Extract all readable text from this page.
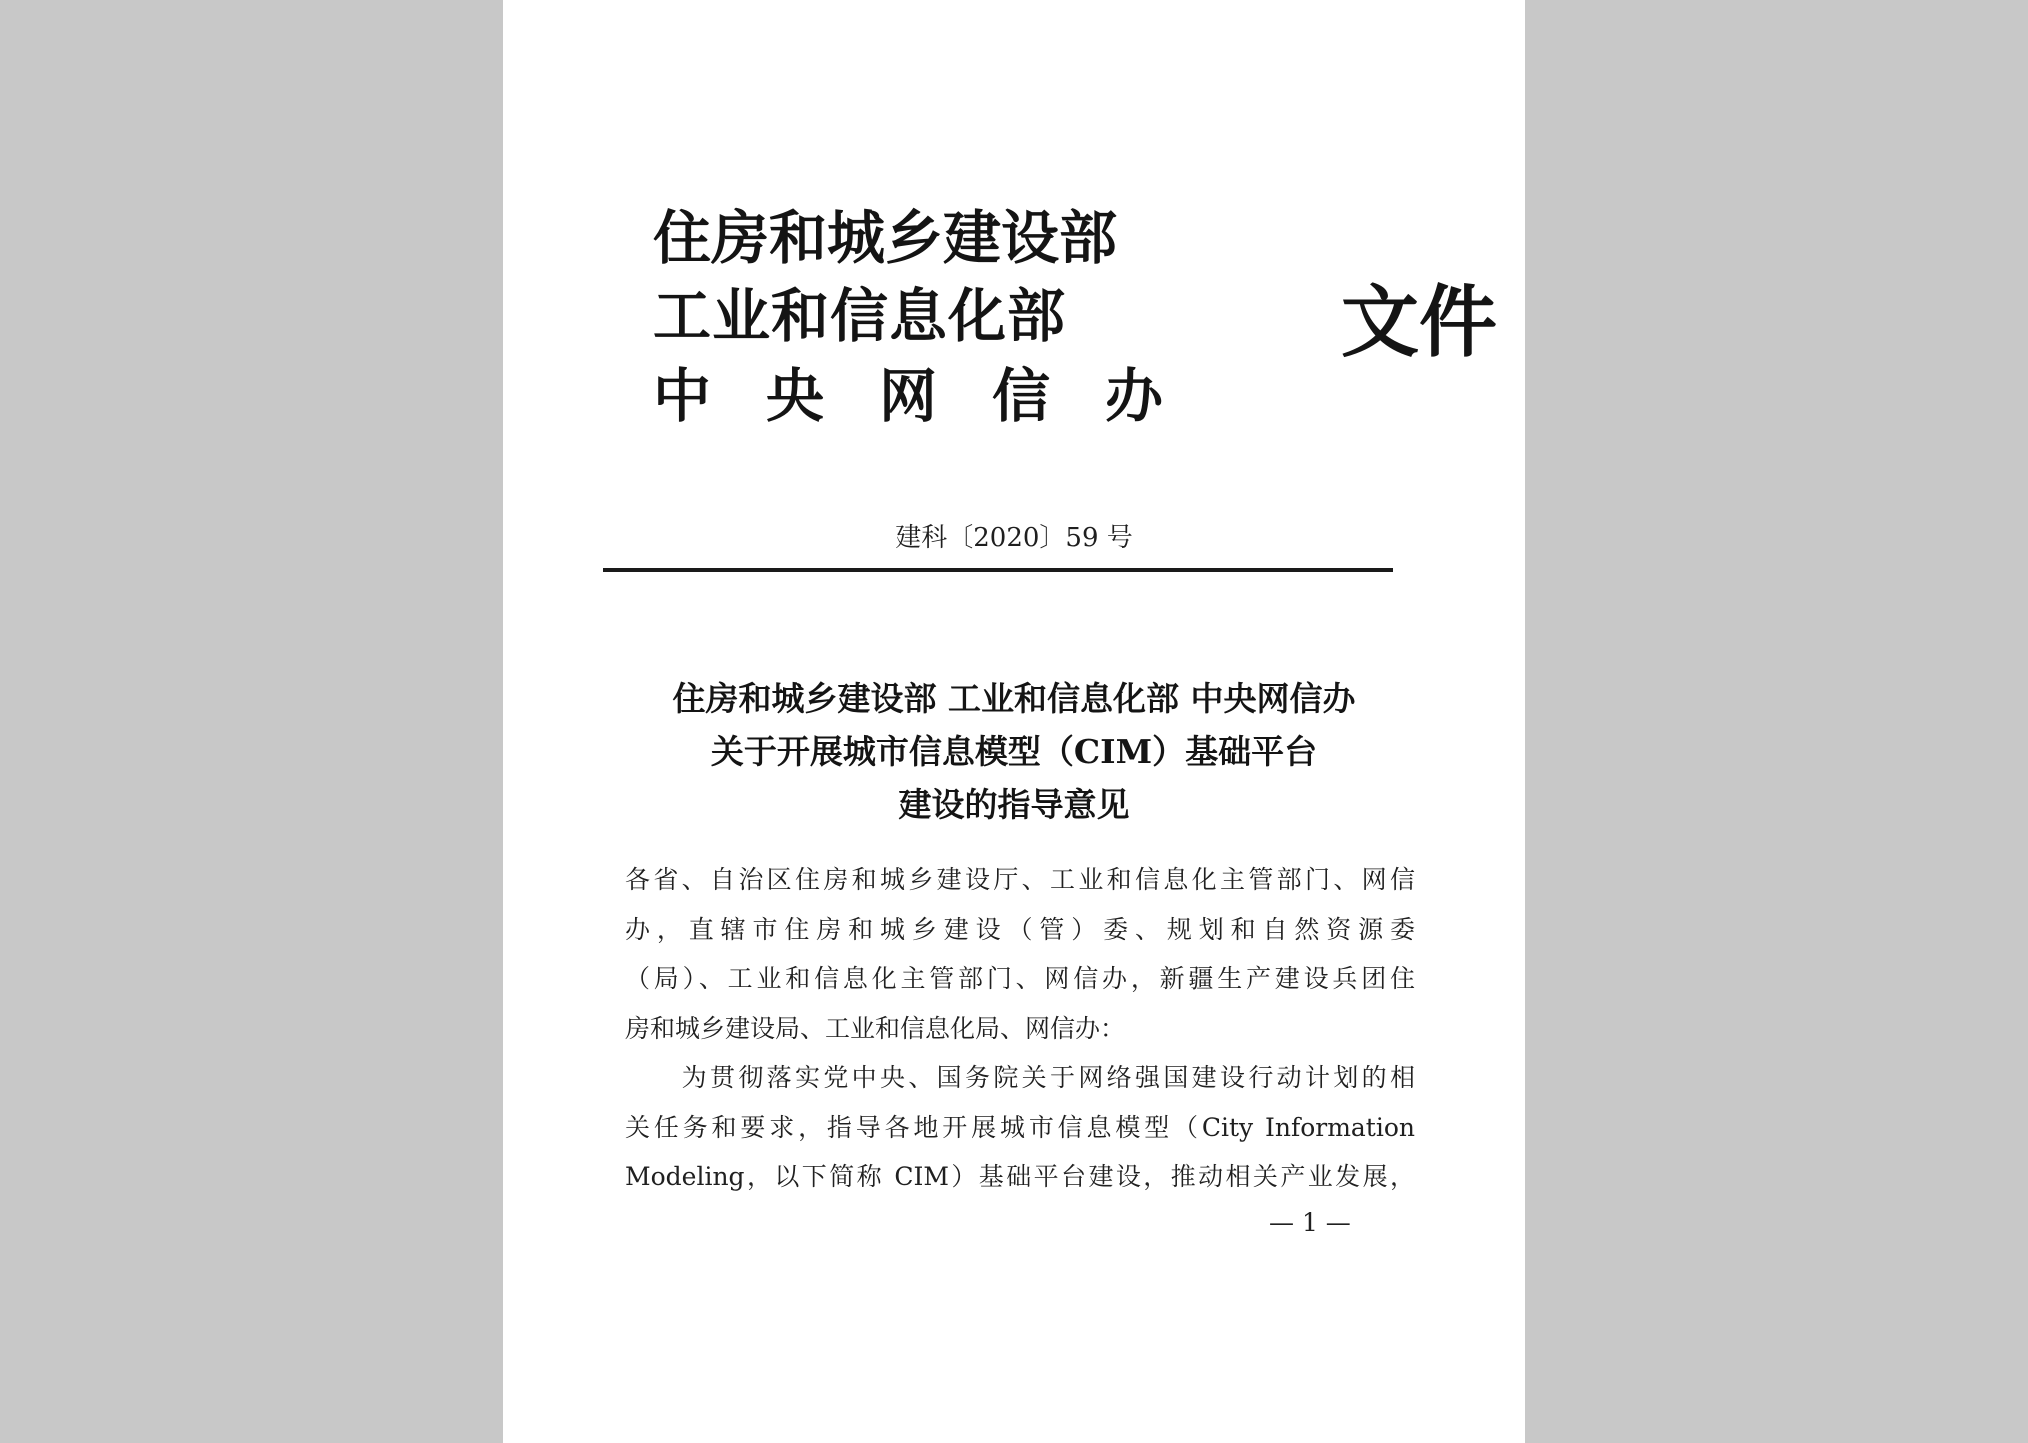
住房和城乡建设部
工业和信息化部
中央网信办
文件
建科〔2020〕59 号
住房和城乡建设部 工业和信息化部 中央网信办
关于开展城市信息模型（CIM）基础平台
建设的指导意见
各省、自治区住房和城乡建设厅、工业和信息化主管部门、网信
办，直辖市住房和城乡建设（管）委、规划和自然资源委
（局）、工业和信息化主管部门、网信办，新疆生产建设兵团住
房和城乡建设局、工业和信息化局、网信办：
　　为贯彻落实党中央、国务院关于网络强国建设行动计划的相
关任务和要求，指导各地开展城市信息模型（City Information
Modeling，以下简称 CIM）基础平台建设，推动相关产业发展，
— 1 —
